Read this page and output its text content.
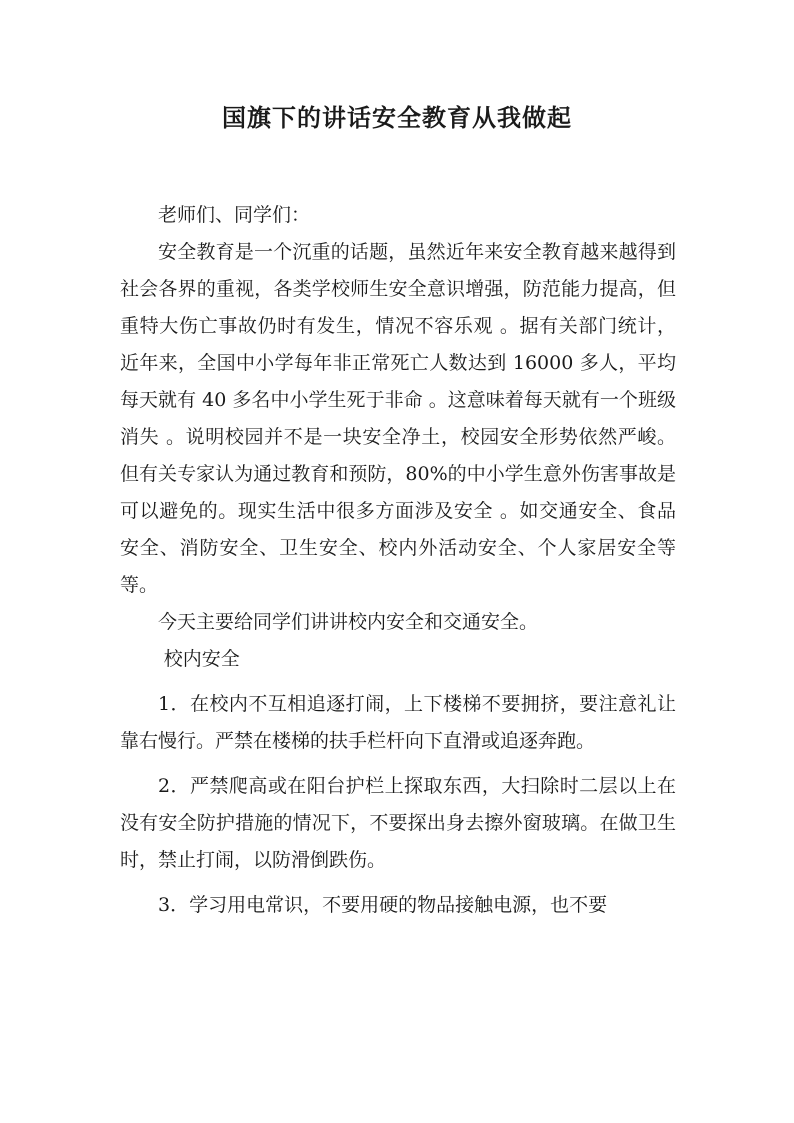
国旗下的讲话安全教育从我做起

老师们、同学们：

安全教育是一个沉重的话题，虽然近年来安全教育越来越得到社会各界的重视，各类学校师生安全意识增强，防范能力提高，但重特大伤亡事故仍时有发生，情况不容乐观 。据有关部门统计，近年来，全国中小学每年非正常死亡人数达到 16000 多人，平均每天就有 40 多名中小学生死于非命 。这意味着每天就有一个班级消失 。说明校园并不是一块安全净土，校园安全形势依然严峻。但有关专家认为通过教育和预防，80%的中小学生意外伤害事故是可以避免的。现实生活中很多方面涉及安全 。如交通安全、食品安全、消防安全、卫生安全、校内外活动安全、个人家居安全等等。

今天主要给同学们讲讲校内安全和交通安全。

校内安全

1．在校内不互相追逐打闹，上下楼梯不要拥挤，要注意礼让靠右慢行。严禁在楼梯的扶手栏杆向下直滑或追逐奔跑。

2．严禁爬高或在阳台护栏上探取东西，大扫除时二层以上在没有安全防护措施的情况下，不要探出身去擦外窗玻璃。在做卫生时，禁止打闹，以防滑倒跌伤。

3．学习用电常识，不要用硬的物品接触电源，也不要
